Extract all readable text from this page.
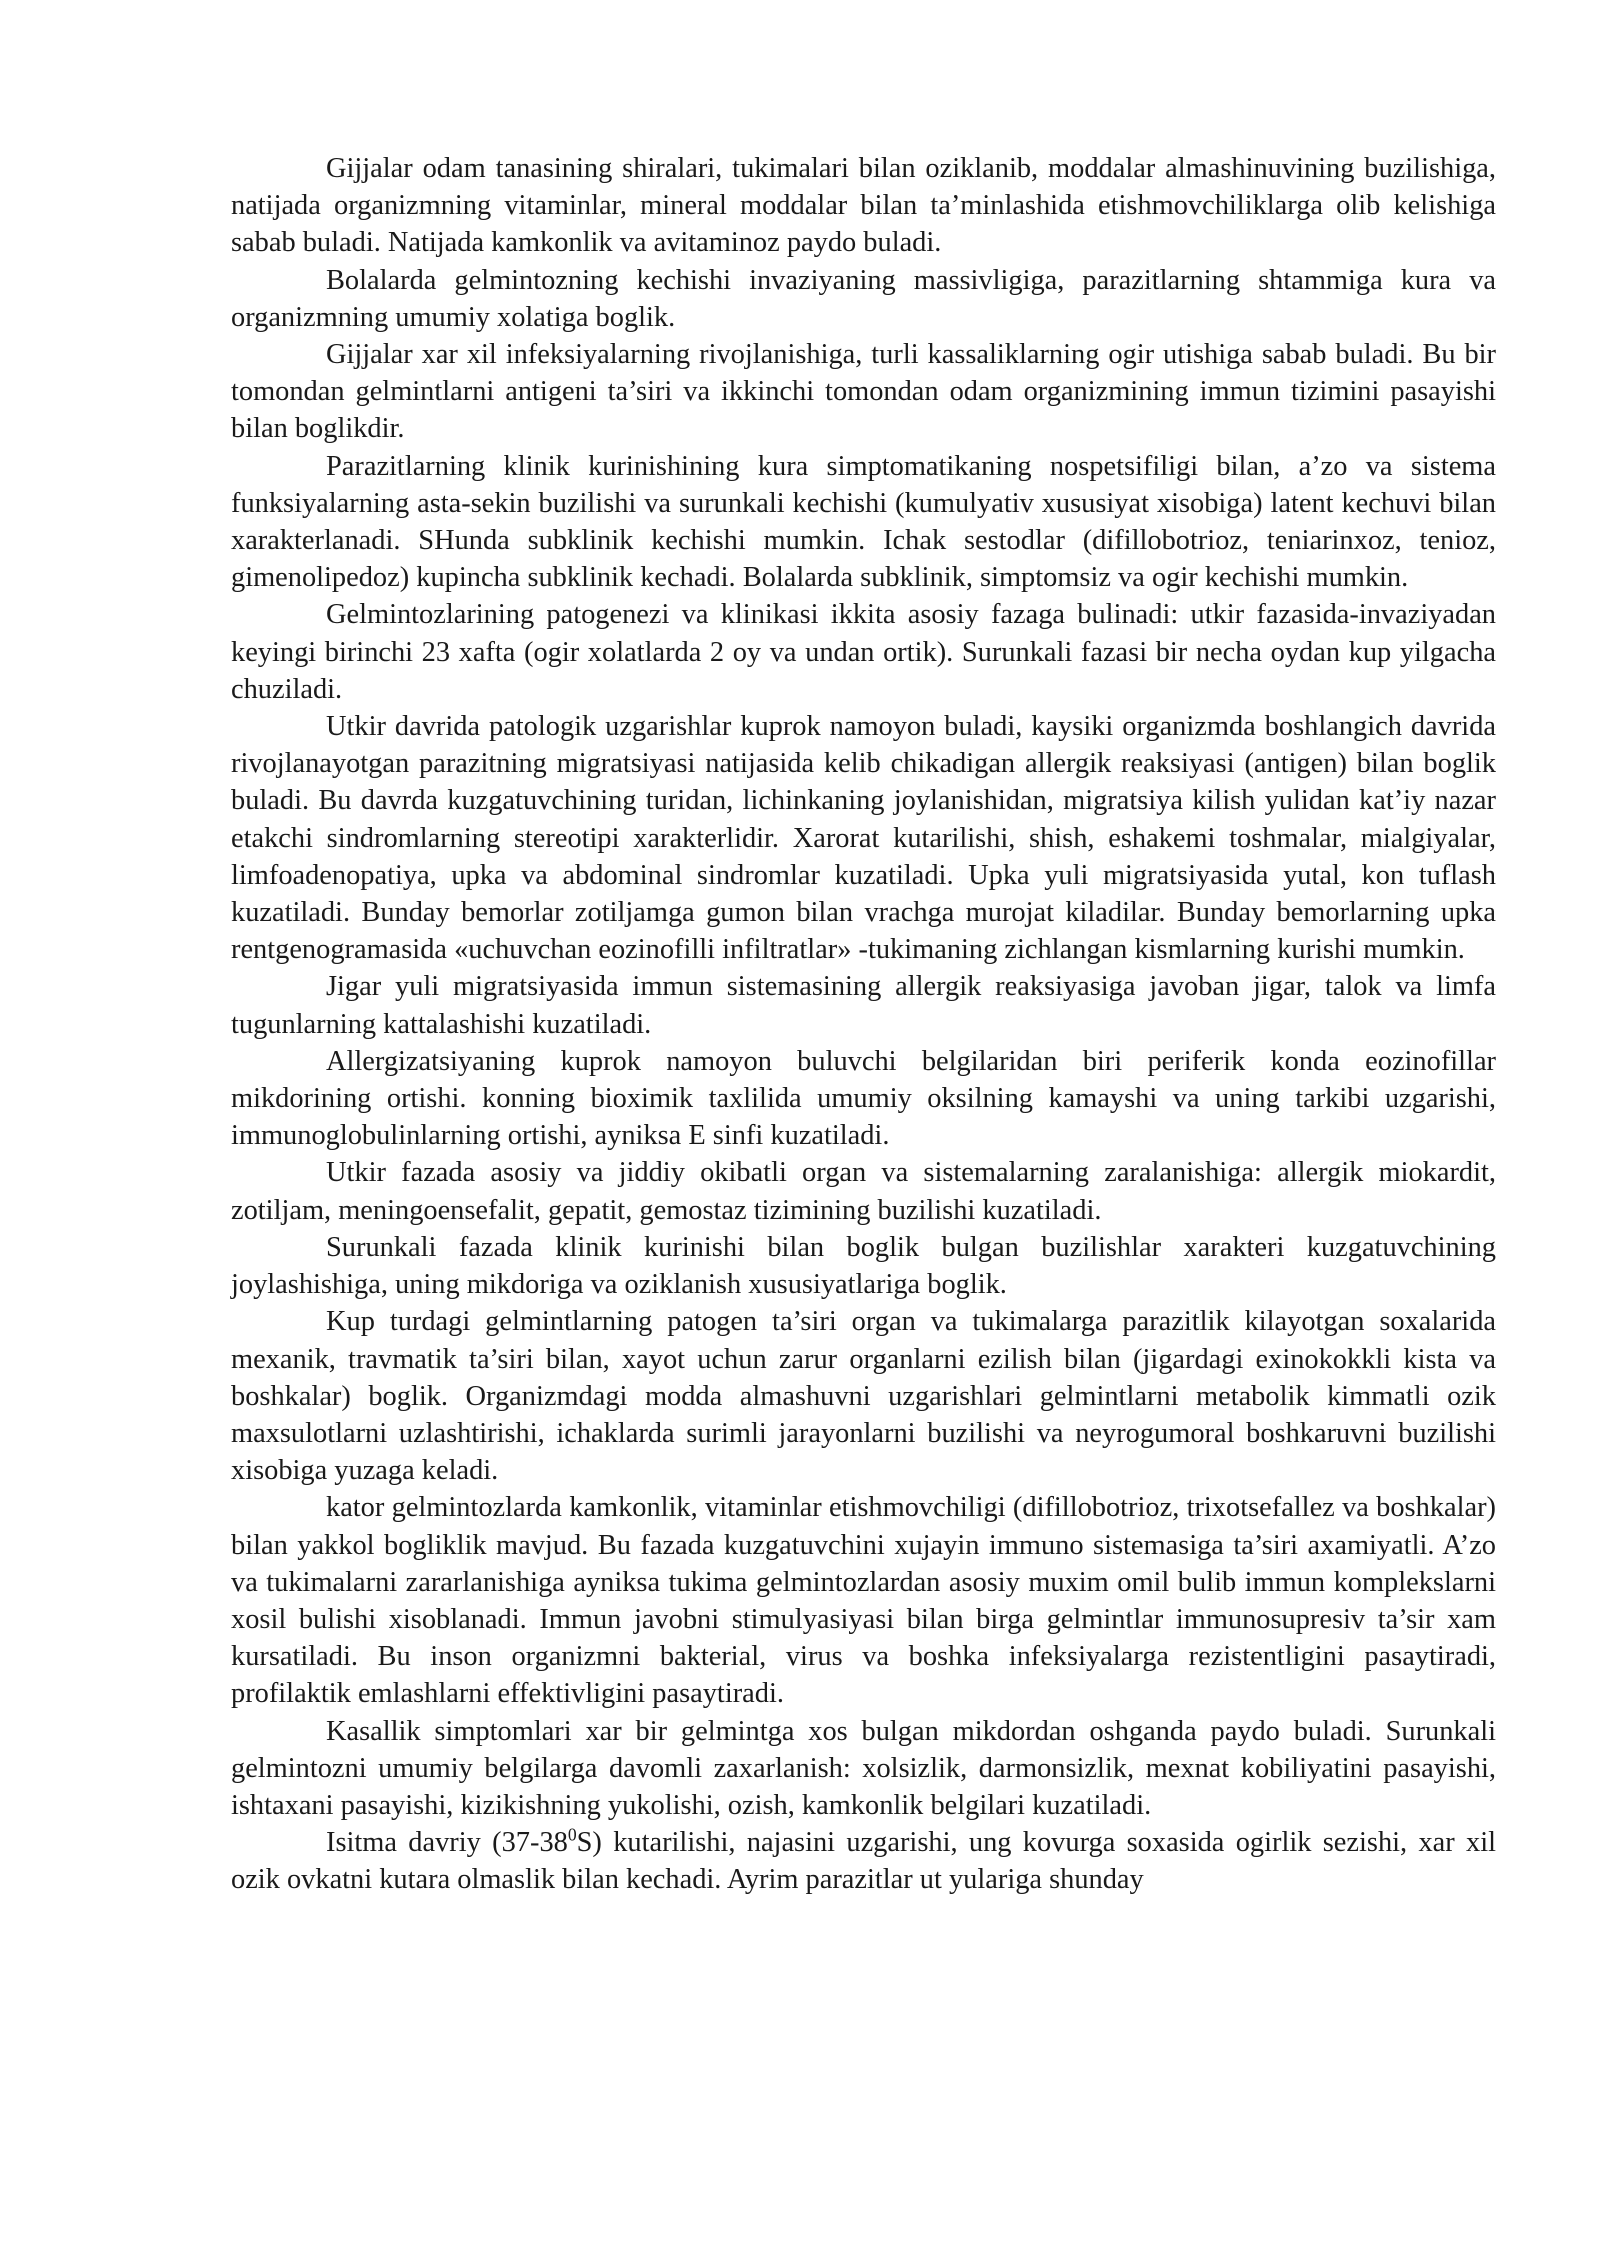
Gijjalar odam tanasining shiralari, tukimalari bilan oziklanib, moddalar almashinuvining buzilishiga, natijada organizmning vitaminlar, mineral moddalar bilan ta’minlashida etishmovchiliklarga olib kelishiga sabab buladi. Natijada kamkonlik va avitaminoz paydo buladi.

Bolalarda gelmintozning kechishi invaziyaning massivligiga, parazitlarning shtammiga kura va organizmning umumiy xolatiga boglik.

Gijjalar xar xil infeksiyalarning rivojlanishiga, turli kassaliklarning ogir utishiga sabab buladi. Bu bir tomondan gelmintlarni antigeni ta’siri va ikkinchi tomondan odam organizmining immun tizimini pasayishi bilan boglikdir.

Parazitlarning klinik kurinishining kura simptomatikaning nospetsifiligi bilan, a’zo va sistema funksiyalarning asta-sekin buzilishi va surunkali kechishi (kumulyativ xususiyat xisobiga) latent kechuvi bilan xarakterlanadi. SHunda subklinik kechishi mumkin. Ichak sestodlar (difillobotrioz, teniarinxoz, tenioz, gimenolipedoz) kupincha subklinik kechadi. Bolalarda subklinik, simptomsiz va ogir kechishi mumkin.

Gelmintozlarining patogenezi va klinikasi ikkita asosiy fazaga bulinadi: utkir fazasida-invaziyadan keyingi birinchi 23 xafta (ogir xolatlarda 2 oy va undan ortik). Surunkali fazasi bir necha oydan kup yilgacha chuziladi.

Utkir davrida patologik uzgarishlar kuprok namoyon buladi, kaysiki organizmda boshlangich davrida rivojlanayotgan parazitning migratsiyasi natijasida kelib chikadigan allergik reaksiyasi (antigen) bilan boglik buladi. Bu davrda kuzgatuvchining turidan, lichinkaning joylanishidan, migratsiya kilish yulidan kat’iy nazar etakchi sindromlarning stereotipi xarakterlidir. Xarorat kutarilishi, shish, eshakemi toshmalar, mialgiyalar, limfoadenopatiya, upka va abdominal sindromlar kuzatiladi. Upka yuli migratsiyasida yutal, kon tuflash kuzatiladi. Bunday bemorlar zotiljamga gumon bilan vrachga murojat kiladilar. Bunday bemorlarning upka rentgenogramasida «uchuvchan eozinofilli infiltratlar» -tukimaning zichlangan kismlarning kurishi mumkin.

Jigar yuli migratsiyasida immun sistemasining allergik reaksiyasiga javoban jigar, talok va limfa tugunlarning kattalashishi kuzatiladi.

Allergizatsiyaning kuprok namoyon buluvchi belgilaridan biri periferik konda eozinofillar mikdorining ortishi. konning bioximik taxlilida umumiy oksilning kamayshi va uning tarkibi uzgarishi, immunoglobulinlarning ortishi, ayniksa E sinfi kuzatiladi.

Utkir fazada asosiy va jiddiy okibatli organ va sistemalarning zaralanishiga: allergik miokardit, zotiljam, meningoensefalit, gepatit, gemostaz tizimining buzilishi kuzatiladi.

Surunkali fazada klinik kurinishi bilan boglik bulgan buzilishlar xarakteri kuzgatuvchining joylashishiga, uning mikdoriga va oziklanish xususiyatlariga boglik.

Kup turdagi gelmintlarning patogen ta’siri organ va tukimalarga parazitlik kilayotgan soxalarida mexanik, travmatik ta’siri bilan, xayot uchun zarur organlarni ezilish bilan (jigardagi exinokokkli kista va boshkalar) boglik. Organizmdagi modda almashuvni uzgarishlari gelmintlarni metabolik kimmatli ozik maxsulotlarni uzlashtirishi, ichaklarda surimli jarayonlarni buzilishi va neyrogumoral boshkaruvni buzilishi xisobiga yuzaga keladi.

kator gelmintozlarda kamkonlik, vitaminlar etishmovchiligi (difillobotrioz, trixotsefallez va boshkalar) bilan yakkol bogliklik mavjud. Bu fazada kuzgatuvchini xujayin immuno sistemasiga ta’siri axamiyatli. A’zo va tukimalarni zararlanishiga ayniksa tukima gelmintozlardan asosiy muxim omil bulib immun komplekslarni xosil bulishi xisoblanadi. Immun javobni stimulyasiyasi bilan birga gelmintlar immunosupresiv ta’sir xam kursatiladi. Bu inson organizmni bakterial, virus va boshka infeksiyalarga rezistentligini pasaytiradi, profilaktik emlashlarni effektivligini pasaytiradi.

Kasallik simptomlari xar bir gelmintga xos bulgan mikdordan oshganda paydo buladi. Surunkali gelmintozni umumiy belgilarga davomli zaxarlanish: xolsizlik, darmonsizlik, mexnat kobiliyatini pasayishi, ishtaxani pasayishi, kizikishning yukolishi, ozish, kamkonlik belgilari kuzatiladi.

Isitma davriy $(37-38^0S)$ kutarilishi, najasini uzgarishi, ung kovurga soxasida ogirlik sezishi, xar xil ozik ovkatni kutara olmaslik bilan kechadi. Ayrim parazitlar ut yulariga shunday
